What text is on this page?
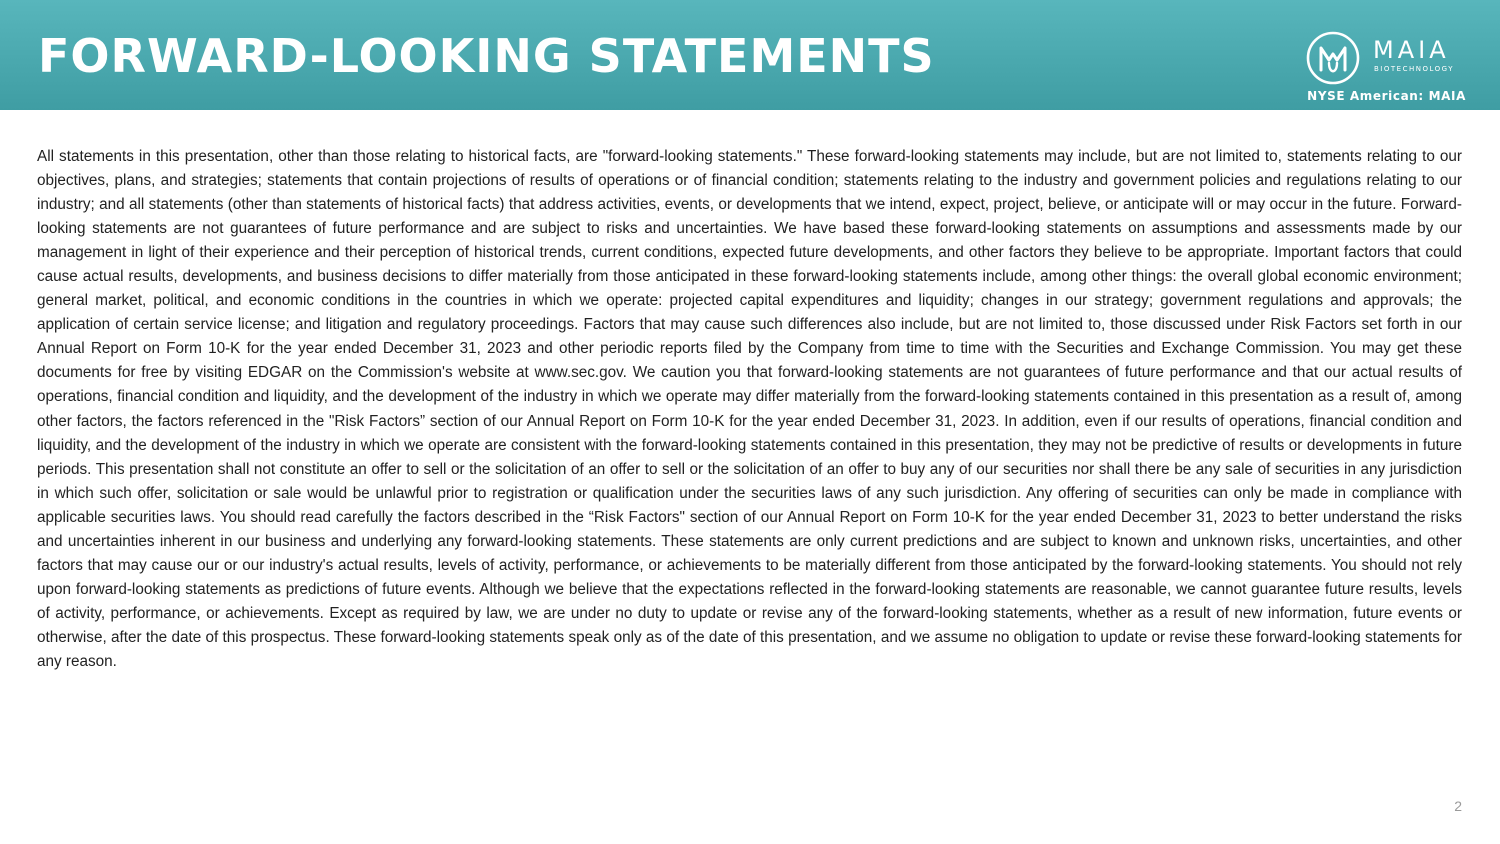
FORWARD-LOOKING STATEMENTS	MAIA
BIOTECHNOLOGY
NYSE American: MAIA

All statements in this presentation, other than those relating to historical facts, are "forward-looking statements." These forward-looking statements may include, but are not limited to, statements relating to our objectives, plans, and strategies; statements that contain projections of results of operations or of financial condition; statements relating to the industry and government policies and regulations relating to our industry; and all statements (other than statements of historical facts) that address activities, events, or developments that we intend, expect, project, believe, or anticipate will or may occur in the future. Forward-looking statements are not guarantees of future performance and are subject to risks and uncertainties. We have based these forward-looking statements on assumptions and assessments made by our management in light of their experience and their perception of historical trends, current conditions, expected future developments, and other factors they believe to be appropriate. Important factors that could cause actual results, developments, and business decisions to differ materially from those anticipated in these forward-looking statements include, among other things: the overall global economic environment; general market, political, and economic conditions in the countries in which we operate: projected capital expenditures and liquidity; changes in our strategy; government regulations and approvals; the application of certain service license; and litigation and regulatory proceedings. Factors that may cause such differences also include, but are not limited to, those discussed under Risk Factors set forth in our Annual Report on Form 10-K for the year ended December 31, 2023 and other periodic reports filed by the Company from time to time with the Securities and Exchange Commission. You may get these documents for free by visiting EDGAR on the Commission's website at www.sec.gov. We caution you that forward-looking statements are not guarantees of future performance and that our actual results of operations, financial condition and liquidity, and the development of the industry in which we operate may differ materially from the forward-looking statements contained in this presentation as a result of, among other factors, the factors referenced in the "Risk Factors” section of our Annual Report on Form 10-K for the year ended December 31, 2023. In addition, even if our results of operations, financial condition and liquidity, and the development of the industry in which we operate are consistent with the forward-looking statements contained in this presentation, they may not be predictive of results or developments in future periods. This presentation shall not constitute an offer to sell or the solicitation of an offer to sell or the solicitation of an offer to buy any of our securities nor shall there be any sale of securities in any jurisdiction in which such offer, solicitation or sale would be unlawful prior to registration or qualification under the securities laws of any such jurisdiction. Any offering of securities can only be made in compliance with applicable securities laws. You should read carefully the factors described in the “Risk Factors" section of our Annual Report on Form 10-K for the year ended December 31, 2023 to better understand the risks and uncertainties inherent in our business and underlying any forward-looking statements. These statements are only current predictions and are subject to known and unknown risks, uncertainties, and other factors that may cause our or our industry's actual results, levels of activity, performance, or achievements to be materially different from those anticipated by the forward-looking statements. You should not rely upon forward-looking statements as predictions of future events. Although we believe that the expectations reflected in the forward-looking statements are reasonable, we cannot guarantee future results, levels of activity, performance, or achievements. Except as required by law, we are under no duty to update or revise any of the forward-looking statements, whether as a result of new information, future events or otherwise, after the date of this prospectus. These forward-looking statements speak only as of the date of this presentation, and we assume no obligation to update or revise these forward-looking statements for any reason.

2
